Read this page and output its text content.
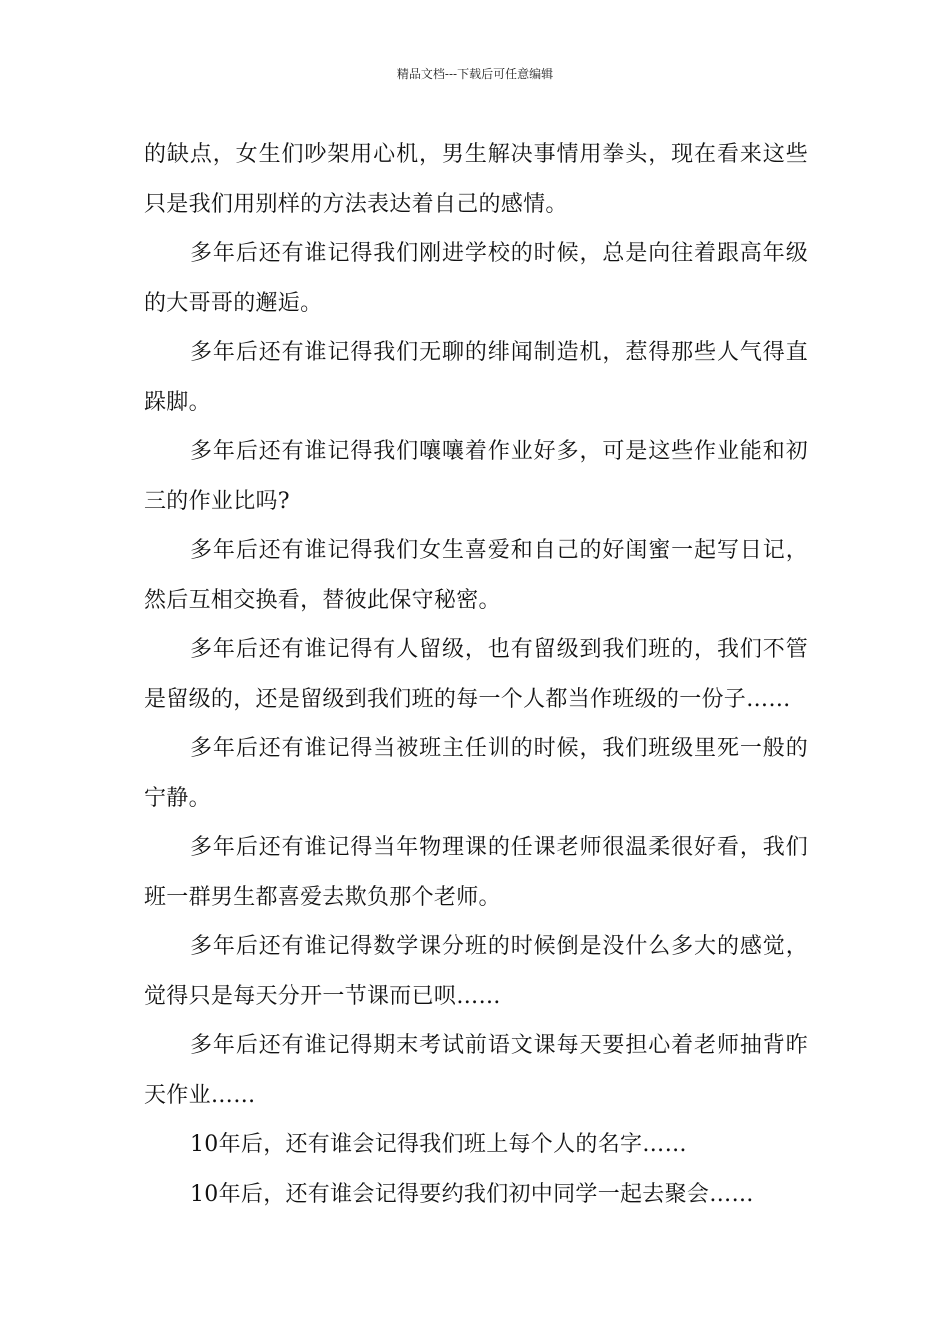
精品文档---下载后可任意编辑

的缺点，女生们吵架用心机，男生解决事情用拳头，现在看来这些只是我们用别样的方法表达着自己的感情。

多年后还有谁记得我们刚进学校的时候，总是向往着跟高年级的大哥哥的邂逅。

多年后还有谁记得我们无聊的绯闻制造机，惹得那些人气得直跺脚。

多年后还有谁记得我们嚷嚷着作业好多，可是这些作业能和初三的作业比吗?

多年后还有谁记得我们女生喜爱和自己的好闺蜜一起写日记，然后互相交换看，替彼此保守秘密。

多年后还有谁记得有人留级，也有留级到我们班的，我们不管是留级的，还是留级到我们班的每一个人都当作班级的一份子……

多年后还有谁记得当被班主任训的时候，我们班级里死一般的宁静。

多年后还有谁记得当年物理课的任课老师很温柔很好看，我们班一群男生都喜爱去欺负那个老师。

多年后还有谁记得数学课分班的时候倒是没什么多大的感觉，觉得只是每天分开一节课而已呗……

多年后还有谁记得期末考试前语文课每天要担心着老师抽背昨天作业……

10年后，还有谁会记得我们班上每个人的名字……

10年后，还有谁会记得要约我们初中同学一起去聚会……
